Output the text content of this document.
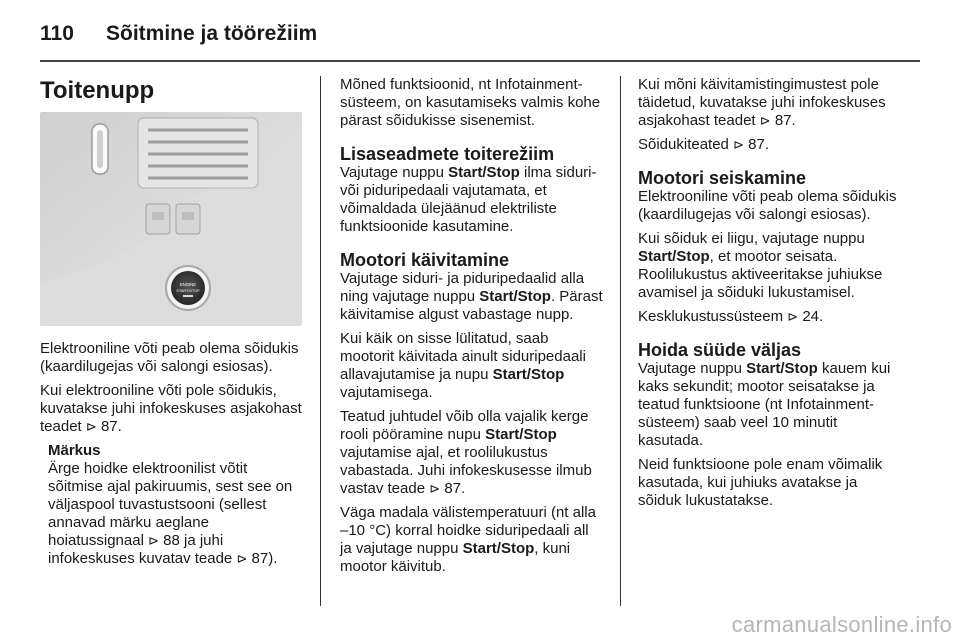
110	Sõitmine ja töörežiim
Toitenupp
ENGINE
START/STOP

Elektrooniline võti peab olema sõidukis (kaardilugejas või salongi esiosas).

Kui elektrooniline võti pole sõidukis, kuvatakse juhi infokeskuses asjakohast teadet ⊳ 87.

Märkus

Ärge hoidke elektroonilist võtit sõitmise ajal pakiruumis, sest see on väljaspool tuvastustsooni (sellest annavad märku aeglane hoiatussignaal ⊳ 88 ja juhi infokeskuses kuvatav teade ⊳ 87).

Mõned funktsioonid, nt Infotainment-süsteem, on kasutamiseks valmis kohe pärast sõidukisse sisenemist.

Lisaseadmete toiterežiim

Vajutage nuppu Start/Stop ilma siduri- või piduripedaali vajutamata, et võimaldada ülejäänud elektriliste funktsioonide kasutamine.

Mootori käivitamine

Vajutage siduri- ja piduripedaalid alla ning vajutage nuppu Start/Stop. Pärast käivitamise algust vabastage nupp.

Kui käik on sisse lülitatud, saab mootorit käivitada ainult siduripedaali allavajutamise ja nupu Start/Stop vajutamisega.

Teatud juhtudel võib olla vajalik kerge rooli pööramine nupu Start/Stop vajutamise ajal, et roolilukustus vabastada. Juhi infokeskusesse ilmub vastav teade ⊳ 87.

Väga madala välistemperatuuri (nt alla –10 °C) korral hoidke siduripedaali all ja vajutage nuppu Start/Stop, kuni mootor käivitub.

Kui mõni käivitamistingimustest pole täidetud, kuvatakse juhi infokeskuses asjakohast teadet ⊳ 87.

Sõidukiteated ⊳ 87.

Mootori seiskamine

Elektrooniline võti peab olema sõidukis (kaardilugejas või salongi esiosas).

Kui sõiduk ei liigu, vajutage nuppu Start/Stop, et mootor seisata. Roolilukustus aktiveeritakse juhiukse avamisel ja sõiduki lukustamisel.

Kesklukustussüsteem ⊳ 24.

Hoida süüde väljas

Vajutage nuppu Start/Stop kauem kui kaks sekundit; mootor seisatakse ja teatud funktsioone (nt Infotainment-süsteem) saab veel 10 minutit kasutada.

Neid funktsioone pole enam võimalik kasutada, kui juhiuks avatakse ja sõiduk lukustatakse.

carmanualsonline.info
